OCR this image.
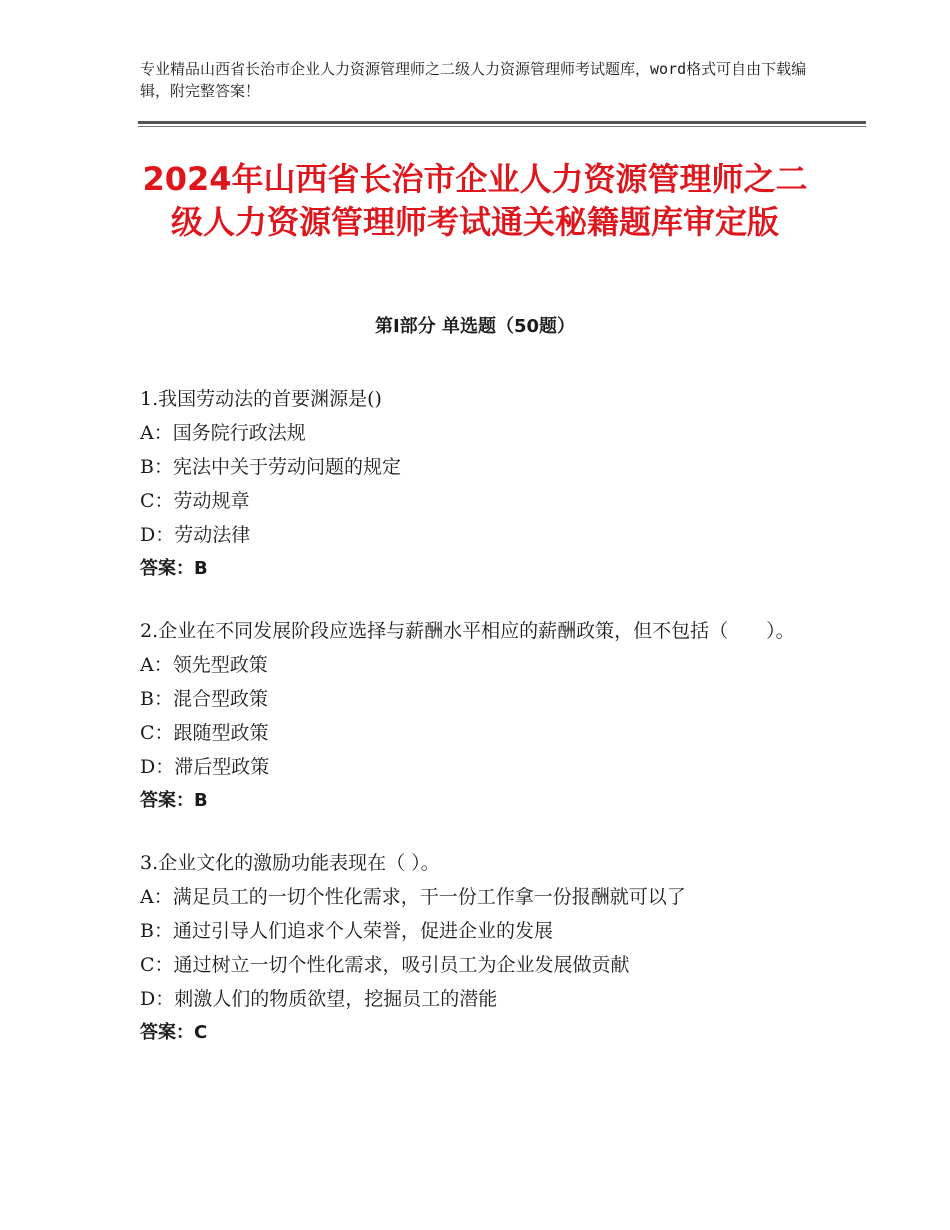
专业精品山西省长治市企业人力资源管理师之二级人力资源管理师考试题库，word格式可自由下载编辑，附完整答案！
2024年山西省长治市企业人力资源管理师之二级人力资源管理师考试通关秘籍题库审定版
第Ⅰ部分 单选题（50题）

1.我国劳动法的首要渊源是()

A：国务院行政法规

B：宪法中关于劳动问题的规定

C：劳动规章

D：劳动法律

答案：B

2.企业在不同发展阶段应选择与薪酬水平相应的薪酬政策，但不包括（　　）。

A：领先型政策

B：混合型政策

C：跟随型政策

D：滞后型政策

答案：B

3.企业文化的激励功能表现在（ ）。

A：满足员工的一切个性化需求，干一份工作拿一份报酬就可以了

B：通过引导人们追求个人荣誉，促进企业的发展

C：通过树立一切个性化需求，吸引员工为企业发展做贡献

D：刺激人们的物质欲望，挖掘员工的潜能

答案：C
